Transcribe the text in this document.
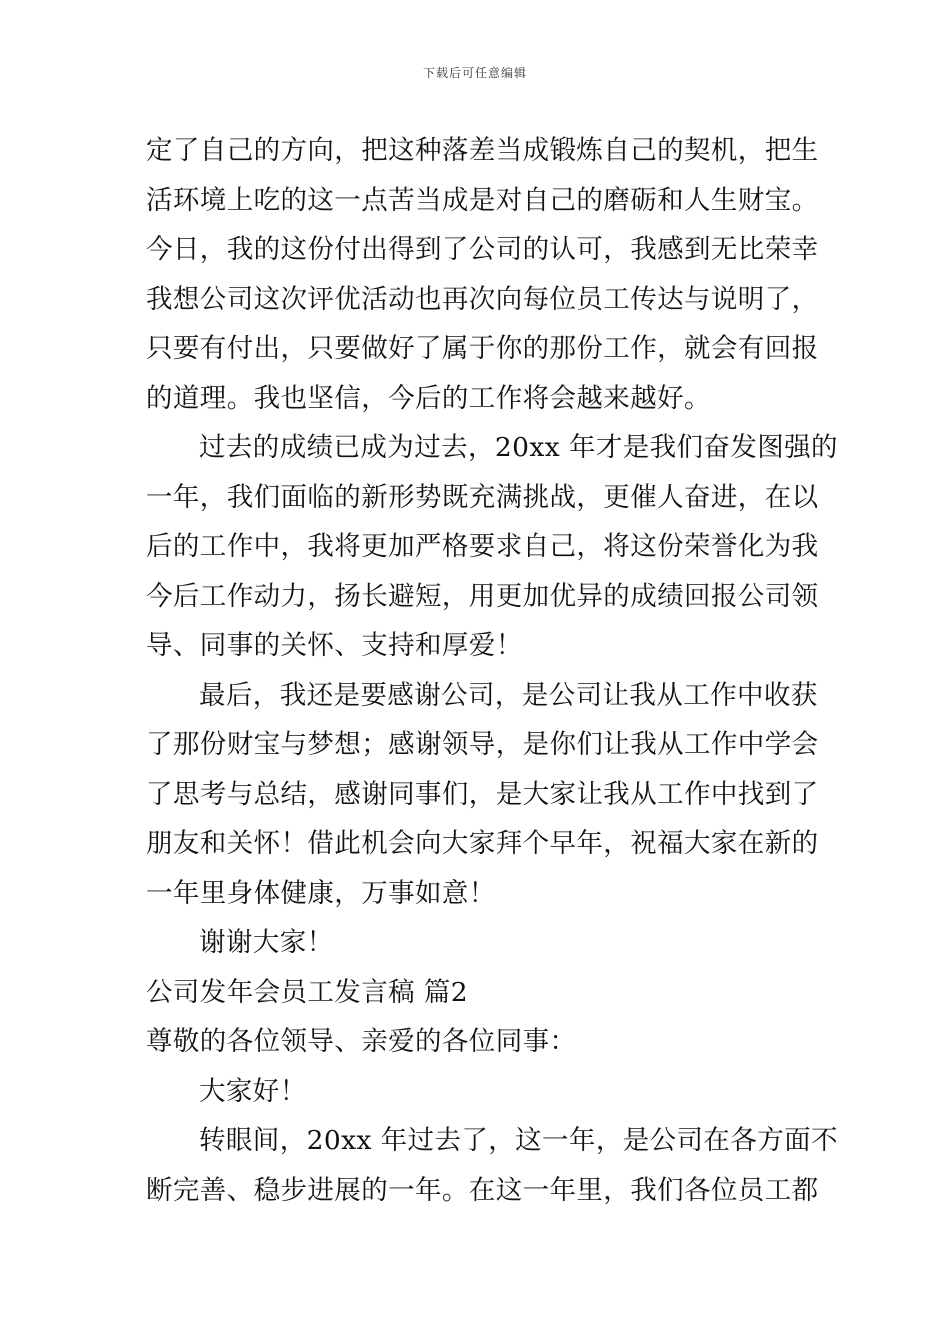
下载后可任意编辑
定了自己的方向，把这种落差当成锻炼自己的契机，把生
活环境上吃的这一点苦当成是对自己的磨砺和人生财宝。
今日，我的这份付出得到了公司的认可，我感到无比荣幸
我想公司这次评优活动也再次向每位员工传达与说明了，
只要有付出，只要做好了属于你的那份工作，就会有回报
的道理。我也坚信，今后的工作将会越来越好。
过去的成绩已成为过去，20xx 年才是我们奋发图强的
一年，我们面临的新形势既充满挑战，更催人奋进，在以
后的工作中，我将更加严格要求自己，将这份荣誉化为我
今后工作动力，扬长避短，用更加优异的成绩回报公司领
导、同事的关怀、支持和厚爱！
最后，我还是要感谢公司，是公司让我从工作中收获
了那份财宝与梦想；感谢领导，是你们让我从工作中学会
了思考与总结，感谢同事们，是大家让我从工作中找到了
朋友和关怀！借此机会向大家拜个早年，祝福大家在新的
一年里身体健康，万事如意！
谢谢大家！
公司发年会员工发言稿 篇2
尊敬的各位领导、亲爱的各位同事：
大家好！
转眼间，20xx 年过去了，这一年，是公司在各方面不
断完善、稳步进展的一年。在这一年里，我们各位员工都
